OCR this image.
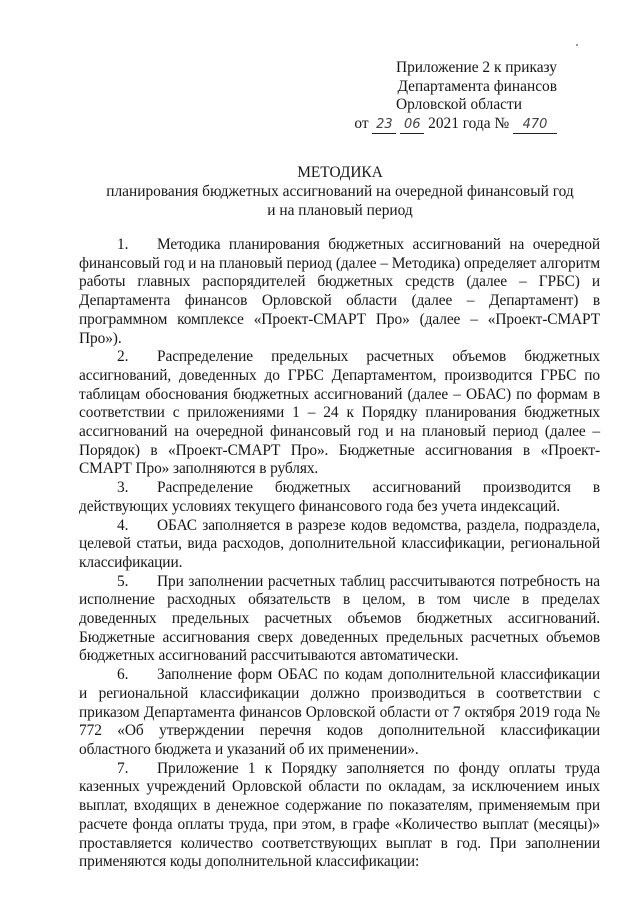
Приложение 2 к приказу
Департамента финансов
Орловской области
от 23 06 2021 года № 470
МЕТОДИКА
планирования бюджетных ассигнований на очередной финансовый год
и на плановый период

1. Методика планирования бюджетных ассигнований на очередной финансовый год и на плановый период (далее – Методика) определяет алгоритм работы главных распорядителей бюджетных средств (далее – ГРБС) и Департамента финансов Орловской области (далее – Департамент) в программном комплексе «Проект-СМАРТ Про» (далее – «Проект-СМАРТ Про»).

2. Распределение предельных расчетных объемов бюджетных ассигнований, доведенных до ГРБС Департаментом, производится ГРБС по таблицам обоснования бюджетных ассигнований (далее – ОБАС) по формам в соответствии с приложениями 1 – 24 к Порядку планирования бюджетных ассигнований на очередной финансовый год и на плановый период (далее – Порядок) в «Проект-СМАРТ Про». Бюджетные ассигнования в «Проект-СМАРТ Про» заполняются в рублях.

3. Распределение бюджетных ассигнований производится в действующих условиях текущего финансового года без учета индексаций.

4. ОБАС заполняется в разрезе кодов ведомства, раздела, подраздела, целевой статьи, вида расходов, дополнительной классификации, региональной классификации.

5. При заполнении расчетных таблиц рассчитываются потребность на исполнение расходных обязательств в целом, в том числе в пределах доведенных предельных расчетных объемов бюджетных ассигнований. Бюджетные ассигнования сверх доведенных предельных расчетных объемов бюджетных ассигнований рассчитываются автоматически.

6. Заполнение форм ОБАС по кодам дополнительной классификации и региональной классификации должно производиться в соответствии с приказом Департамента финансов Орловской области от 7 октября 2019 года № 772 «Об утверждении перечня кодов дополнительной классификации областного бюджета и указаний об их применении».

7. Приложение 1 к Порядку заполняется по фонду оплаты труда казенных учреждений Орловской области по окладам, за исключением иных выплат, входящих в денежное содержание по показателям, применяемым при расчете фонда оплаты труда, при этом, в графе «Количество выплат (месяцы)» проставляется количество соответствующих выплат в год. При заполнении применяются коды дополнительной классификации:
